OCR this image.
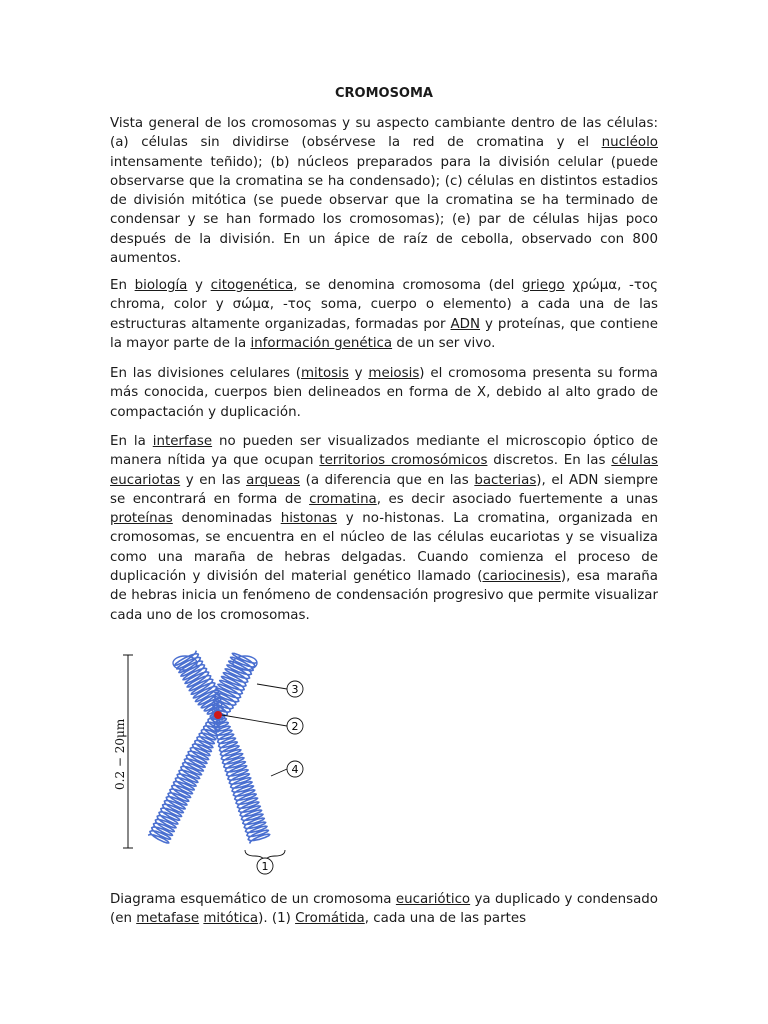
CROMOSOMA

Vista general de los cromosomas y su aspecto cambiante dentro de las células: (a) células sin dividirse (obsérvese la red de cromatina y el nucléolo intensamente teñido); (b) núcleos preparados para la división celular (puede observarse que la cromatina se ha condensado); (c) células en distintos estadios de división mitótica (se puede observar que la cromatina se ha terminado de condensar y se han formado los cromosomas); (e) par de células hijas poco después de la división. En un ápice de raíz de cebolla, observado con 800 aumentos.

En biología y citogenética, se denomina cromosoma (del griego χρώμα, -τος chroma, color y σώμα, -τος soma, cuerpo o elemento) a cada una de las estructuras altamente organizadas, formadas por ADN y proteínas, que contiene la mayor parte de la información genética de un ser vivo.

En las divisiones celulares (mitosis y meiosis) el cromosoma presenta su forma más conocida, cuerpos bien delineados en forma de X, debido al alto grado de compactación y duplicación.

En la interfase no pueden ser visualizados mediante el microscopio óptico de manera nítida ya que ocupan territorios cromosómicos discretos. En las células eucariotas y en las arqueas (a diferencia que en las bacterias), el ADN siempre se encontrará en forma de cromatina, es decir asociado fuertemente a unas proteínas denominadas histonas y no-histonas. La cromatina, organizada en cromosomas, se encuentra en el núcleo de las células eucariotas y se visualiza como una maraña de hebras delgadas. Cuando comienza el proceso de duplicación y división del material genético llamado (cariocinesis), esa maraña de hebras inicia un fenómeno de condensación progresivo que permite visualizar cada uno de los cromosomas.

0.2 − 20μm
3
2
4
1

Diagrama esquemático de un cromosoma eucariótico ya duplicado y condensado (en metafase mitótica). (1) Cromátida, cada una de las partes
